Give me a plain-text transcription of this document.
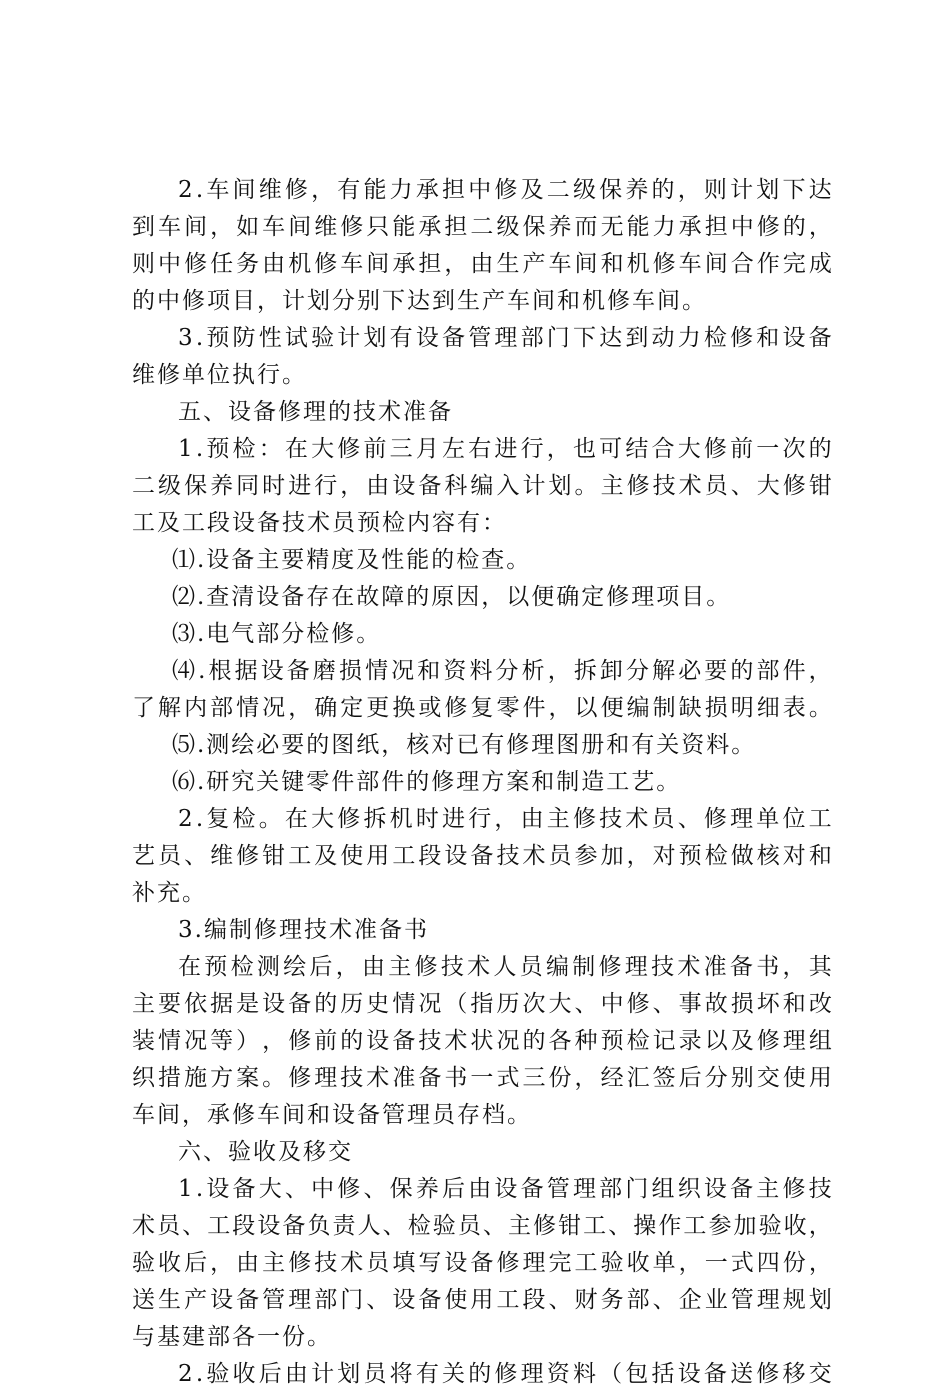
2 . 车 间 维 修 ， 有 能 力 承 担 中 修 及 二 级 保 养 的 ， 则 计 划 下 达
到 车 间 ， 如 车 间 维 修 只 能 承 担 二 级 保 养 而 无 能 力 承 担 中 修 的 ，
则 中 修 任 务 由 机 修 车 间 承 担 ， 由 生 产 车 间 和 机 修 车 间 合 作 完 成
的中修项目，计划分别下达到生产车间和机修车间。
3 . 预 防 性 试 验 计 划 有 设 备 管 理 部 门 下 达 到 动 力 检 修 和 设 备
维修单位执行。
五、设备修理的技术准备
1 . 预 检 ： 在 大 修 前 三 月 左 右 进 行 ， 也 可 结 合 大 修 前 一 次 的
二 级 保 养 同 时 进 行 ， 由 设 备 科 编 入 计 划 。 主 修 技 术 员 、 大 修 钳
工及工段设备技术员预检内容有：
⑴.设备主要精度及性能的检查。
⑵.查清设备存在故障的原因，以便确定修理项目。
⑶.电气部分检修。
⑷ . 根 据 设 备 磨 损 情 况 和 资 料 分 析 ， 拆 卸 分 解 必 要 的 部 件 ，
了 解 内 部 情 况 ， 确 定 更 换 或 修 复 零 件 ， 以 便 编 制 缺 损 明 细 表 。
⑸.测绘必要的图纸，核对已有修理图册和有关资料。
⑹.研究关键零件部件的修理方案和制造工艺。
2 . 复 检 。 在 大 修 拆 机 时 进 行 ， 由 主 修 技 术 员 、 修 理 单 位 工
艺 员 、 维 修 钳 工 及 使 用 工 段 设 备 技 术 员 参 加 ， 对 预 检 做 核 对 和
补充。
3.编制修理技术准备书
在 预 检 测 绘 后 ， 由 主 修 技 术 人 员 编 制 修 理 技 术 准 备 书 ， 其
主 要 依 据 是 设 备 的 历 史 情 况 （ 指 历 次 大 、 中 修 、 事 故 损 坏 和 改
装 情 况 等 ） ， 修 前 的 设 备 技 术 状 况 的 各 种 预 检 记 录 以 及 修 理 组
织 措 施 方 案 。 修 理 技 术 准 备 书 一 式 三 份 ， 经 汇 签 后 分 别 交 使 用
车间，承修车间和设备管理员存档。
六、验收及移交
1 . 设 备 大 、 中 修 、 保 养 后 由 设 备 管 理 部 门 组 织 设 备 主 修 技
术 员 、 工 段 设 备 负 责 人 、 检 验 员 、 主 修 钳 工 、 操 作 工 参 加 验 收 ，
验 收 后 ， 由 主 修 技 术 员 填 写 设 备 修 理 完 工 验 收 单 ， 一 式 四 份 ，
送 生 产 设 备 管 理 部 门 、 设 备 使 用 工 段 、 财 务 部 、 企 业 管 理 规 划
与基建部各一份。
2 . 验 收 后 由 计 划 员 将 有 关 的 修 理 资 料 （ 包 括 设 备 送 修 移 交
